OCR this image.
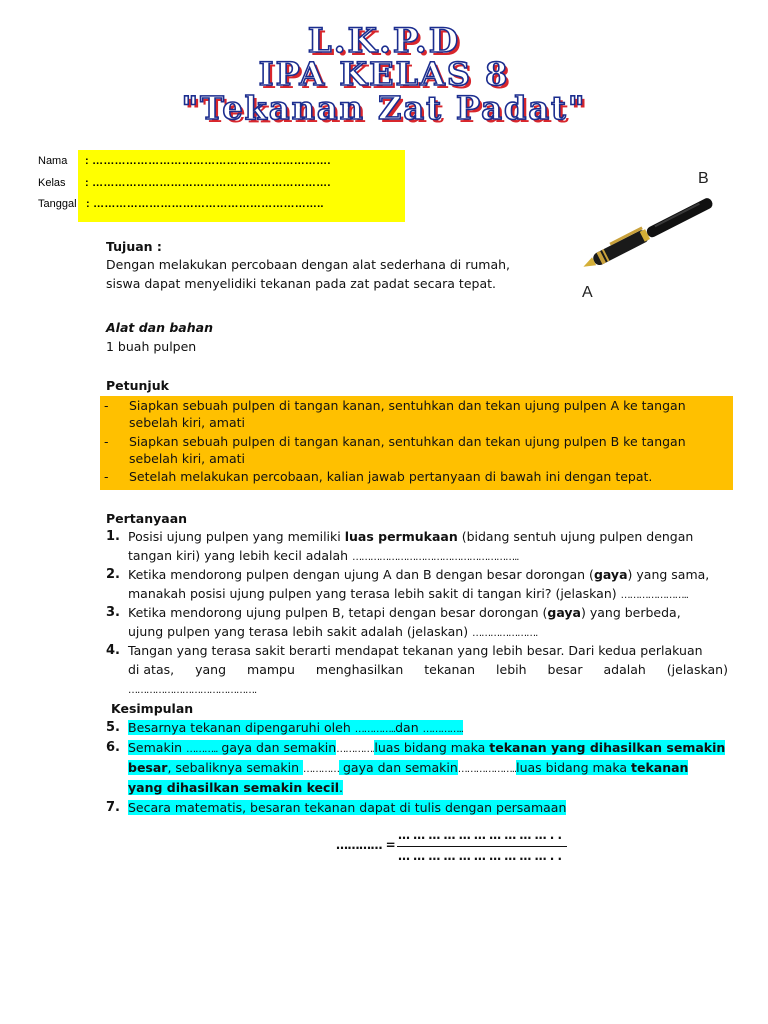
L.K.P.D
IPA KELAS 8
"Tekanan Zat Padat"
Nama : ……………………………………………………….
Kelas : ……………………………………………………….
Tanggal : ……………………………………………………..
B
A
Tujuan :
Dengan melakukan percobaan dengan alat sederhana di rumah,
siswa dapat menyelidiki tekanan pada zat padat secara tepat.
Alat dan bahan
1 buah pulpen
Petunjuk
- Siapkan sebuah pulpen di tangan kanan, sentuhkan dan tekan ujung pulpen A ke tangan
sebelah kiri, amati
- Siapkan sebuah pulpen di tangan kanan, sentuhkan dan tekan ujung pulpen B ke tangan
sebelah kiri, amati
- Setelah melakukan percobaan, kalian jawab pertanyaan di bawah ini dengan tepat.
Pertanyaan
1. Posisi ujung pulpen yang memiliki luas permukaan (bidang sentuh ujung pulpen dengan
tangan kiri) yang lebih kecil adalah ………………………………………………..
2. Ketika mendorong pulpen dengan ujung A dan B dengan besar dorongan (gaya) yang sama,
manakah posisi ujung pulpen yang terasa lebih sakit di tangan kiri? (jelaskan) …………………..
3. Ketika mendorong ujung pulpen B, tetapi dengan besar dorongan (gaya) yang berbeda,
ujung pulpen yang terasa lebih sakit adalah (jelaskan) ………………….
4. Tangan yang terasa sakit berarti mendapat tekanan yang lebih besar. Dari kedua perlakuan
di atas, yang mampu menghasilkan tekanan lebih besar adalah (jelaskan)
…………………………………….
Kesimpulan
5. Besarnya tekanan dipengaruhi oleh …………..dan …………..
6. Semakin ……….. gaya dan semakin………….luas bidang maka tekanan yang dihasilkan semakin
besar, sebaliknya semakin ………… gaya dan semakin………………..luas bidang maka tekanan
yang dihasilkan semakin kecil.
7. Secara matematis, besaran tekanan dapat di tulis dengan persamaan
………… =
… … … … … … … … … … . .
… … … … … … … … … … . .
